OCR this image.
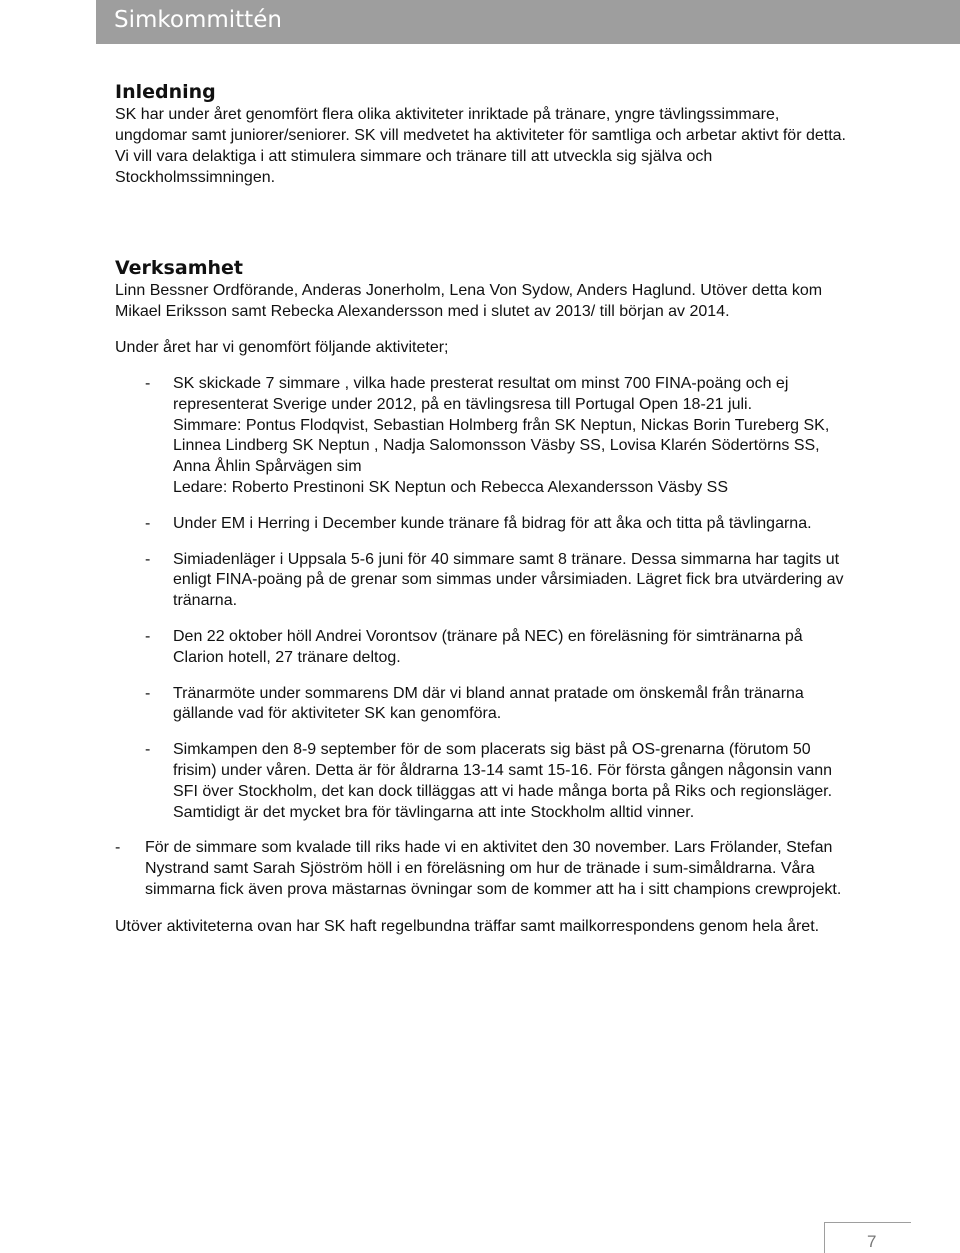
Simkommittén
Inledning

SK har under året genomfört flera olika aktiviteter inriktade på tränare, yngre tävlingssimmare, ungdomar samt juniorer/seniorer. SK vill medvetet ha aktiviteter för samtliga och arbetar aktivt för detta. Vi vill vara delaktiga i att stimulera simmare och tränare till att utveckla sig själva och Stockholmssimningen.

Verksamhet

Linn Bessner Ordförande, Anderas Jonerholm, Lena Von Sydow, Anders Haglund. Utöver detta kom Mikael Eriksson samt Rebecka Alexandersson med i slutet av 2013/ till början av 2014.

Under året har vi genomfört följande aktiviteter;

- SK skickade 7 simmare , vilka hade presterat resultat om minst 700 FINA-poäng och ej representerat Sverige under 2012, på en tävlingsresa till Portugal Open 18-21 juli.
Simmare: Pontus Flodqvist, Sebastian Holmberg från SK Neptun, Nickas Borin Tureberg SK, Linnea Lindberg SK Neptun , Nadja Salomonsson Väsby SS, Lovisa Klarén Södertörns SS, Anna Åhlin Spårvägen sim
Ledare: Roberto Prestinoni SK Neptun och Rebecca Alexandersson Väsby SS
- Under EM i Herring i December kunde tränare få bidrag för att åka och titta på tävlingarna.
- Simiadenläger i Uppsala 5-6 juni för 40 simmare samt 8 tränare. Dessa simmarna har tagits ut enligt FINA-poäng på de grenar som simmas under vårsimiaden. Lägret fick bra utvärdering av tränarna.
- Den 22 oktober höll Andrei Vorontsov (tränare på NEC) en föreläsning för simtränarna på Clarion hotell, 27 tränare deltog.
- Tränarmöte under sommarens DM där vi bland annat pratade om önskemål från tränarna gällande vad för aktiviteter SK kan genomföra.
- Simkampen den 8-9 september för de som placerats sig bäst på OS-grenarna (förutom 50 frisim) under våren. Detta är för åldrarna 13-14 samt 15-16. För första gången någonsin vann SFI över Stockholm, det kan dock tilläggas att vi hade många borta på Riks och regionsläger. Samtidigt är det mycket bra för tävlingarna att inte Stockholm alltid vinner.
- För de simmare som kvalade till riks hade vi en aktivitet den 30 november. Lars Frölander, Stefan Nystrand samt Sarah Sjöström höll i en föreläsning om hur de tränade i sum-simåldrarna. Våra simmarna fick även prova mästarnas övningar som de kommer att ha i sitt champions crewprojekt.

Utöver aktiviteterna ovan har SK haft regelbundna träffar samt mailkorrespondens genom hela året.

7
